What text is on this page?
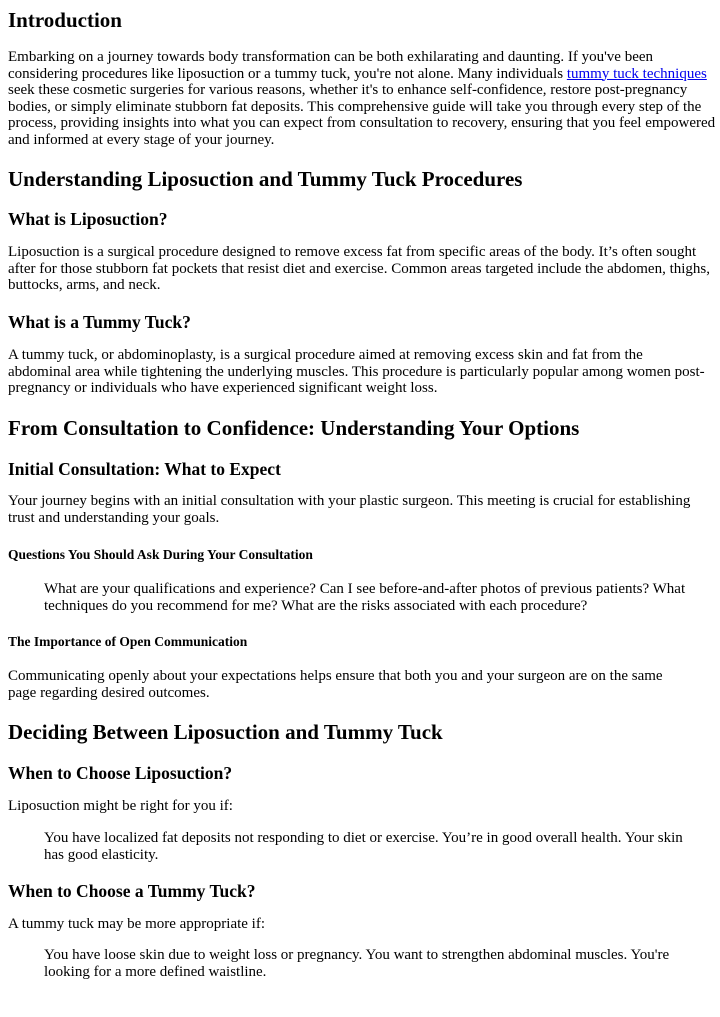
Introduction

Embarking on a journey towards body transformation can be both exhilarating and daunting. If you've been considering procedures like liposuction or a tummy tuck, you're not alone. Many individuals tummy tuck techniques seek these cosmetic surgeries for various reasons, whether it's to enhance self-confidence, restore post-pregnancy bodies, or simply eliminate stubborn fat deposits. This comprehensive guide will take you through every step of the process, providing insights into what you can expect from consultation to recovery, ensuring that you feel empowered and informed at every stage of your journey.

Understanding Liposuction and Tummy Tuck Procedures
What is Liposuction?

Liposuction is a surgical procedure designed to remove excess fat from specific areas of the body. It’s often sought after for those stubborn fat pockets that resist diet and exercise. Common areas targeted include the abdomen, thighs, buttocks, arms, and neck.

What is a Tummy Tuck?

A tummy tuck, or abdominoplasty, is a surgical procedure aimed at removing excess skin and fat from the abdominal area while tightening the underlying muscles. This procedure is particularly popular among women post-pregnancy or individuals who have experienced significant weight loss.

From Consultation to Confidence: Understanding Your Options
Initial Consultation: What to Expect

Your journey begins with an initial consultation with your plastic surgeon. This meeting is crucial for establishing trust and understanding your goals.

Questions You Should Ask During Your Consultation

What are your qualifications and experience? Can I see before-and-after photos of previous patients? What techniques do you recommend for me? What are the risks associated with each procedure?

The Importance of Open Communication

Communicating openly about your expectations helps ensure that both you and your surgeon are on the same page regarding desired outcomes.

Deciding Between Liposuction and Tummy Tuck
When to Choose Liposuction?

Liposuction might be right for you if:

You have localized fat deposits not responding to diet or exercise. You’re in good overall health. Your skin has good elasticity.

When to Choose a Tummy Tuck?

A tummy tuck may be more appropriate if:

You have loose skin due to weight loss or pregnancy. You want to strengthen abdominal muscles. You're looking for a more defined waistline.
